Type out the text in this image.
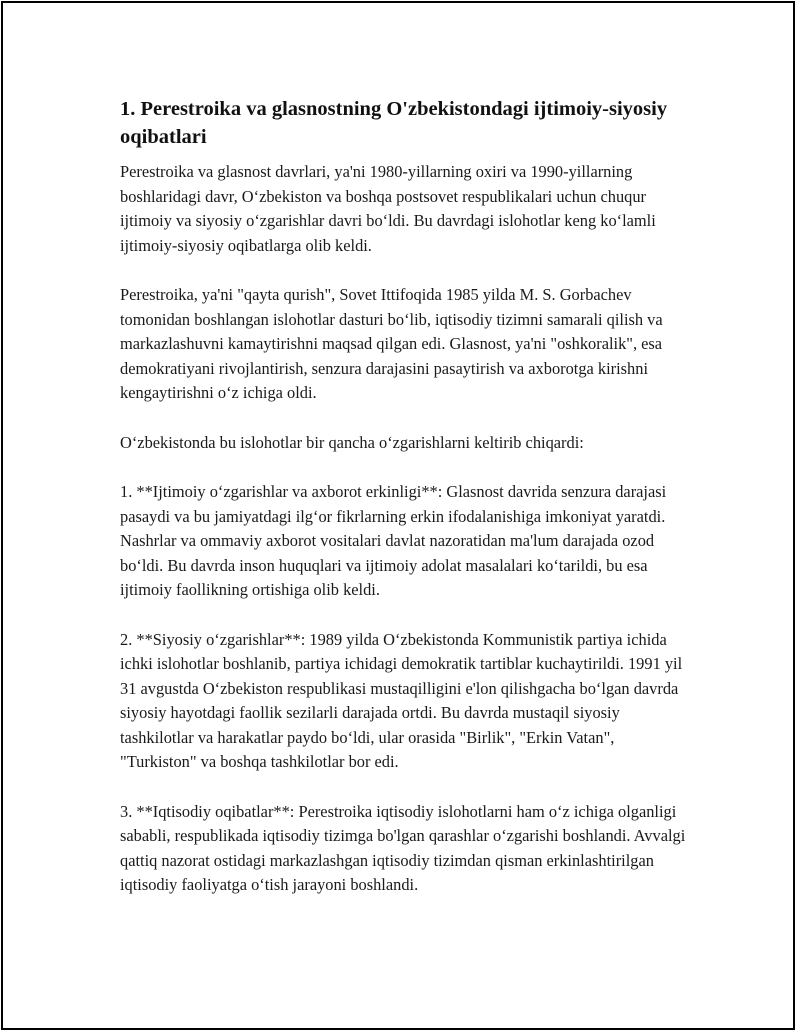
1. Perestroika va glasnostning O'zbekistondagi ijtimoiy-siyosiy oqibatlari

Perestroika va glasnost davrlari, ya'ni 1980-yillarning oxiri va 1990-yillarning boshlaridagi davr, O‘zbekiston va boshqa postsovet respublikalari uchun chuqur ijtimoiy va siyosiy o‘zgarishlar davri bo‘ldi. Bu davrdagi islohotlar keng ko‘lamli ijtimoiy-siyosiy oqibatlarga olib keldi.

Perestroika, ya'ni "qayta qurish", Sovet Ittifoqida 1985 yilda M. S. Gorbachev tomonidan boshlangan islohotlar dasturi bo‘lib, iqtisodiy tizimni samarali qilish va markazlashuvni kamaytirishni maqsad qilgan edi. Glasnost, ya'ni "oshkoralik", esa demokratiyani rivojlantirish, senzura darajasini pasaytirish va axborotga kirishni kengaytirishni o‘z ichiga oldi.

O‘zbekistonda bu islohotlar bir qancha o‘zgarishlarni keltirib chiqardi:

1. **Ijtimoiy o‘zgarishlar va axborot erkinligi**: Glasnost davrida senzura darajasi pasaydi va bu jamiyatdagi ilg‘or fikrlarning erkin ifodalanishiga imkoniyat yaratdi. Nashrlar va ommaviy axborot vositalari davlat nazoratidan ma'lum darajada ozod bo‘ldi. Bu davrda inson huquqlari va ijtimoiy adolat masalalari ko‘tarildi, bu esa ijtimoiy faollikning ortishiga olib keldi.

2. **Siyosiy o‘zgarishlar**: 1989 yilda O‘zbekistonda Kommunistik partiya ichida ichki islohotlar boshlanib, partiya ichidagi demokratik tartiblar kuchaytirildi. 1991 yil 31 avgustda O‘zbekiston respublikasi mustaqilligini e'lon qilishgacha bo‘lgan davrda siyosiy hayotdagi faollik sezilarli darajada ortdi. Bu davrda mustaqil siyosiy tashkilotlar va harakatlar paydo bo‘ldi, ular orasida "Birlik", "Erkin Vatan", "Turkiston" va boshqa tashkilotlar bor edi.

3. **Iqtisodiy oqibatlar**: Perestroika iqtisodiy islohotlarni ham o‘z ichiga olganligi sababli, respublikada iqtisodiy tizimga bo'lgan qarashlar o‘zgarishi boshlandi. Avvalgi qattiq nazorat ostidagi markazlashgan iqtisodiy tizimdan qisman erkinlashtirilgan iqtisodiy faoliyatga o‘tish jarayoni boshlandi.
